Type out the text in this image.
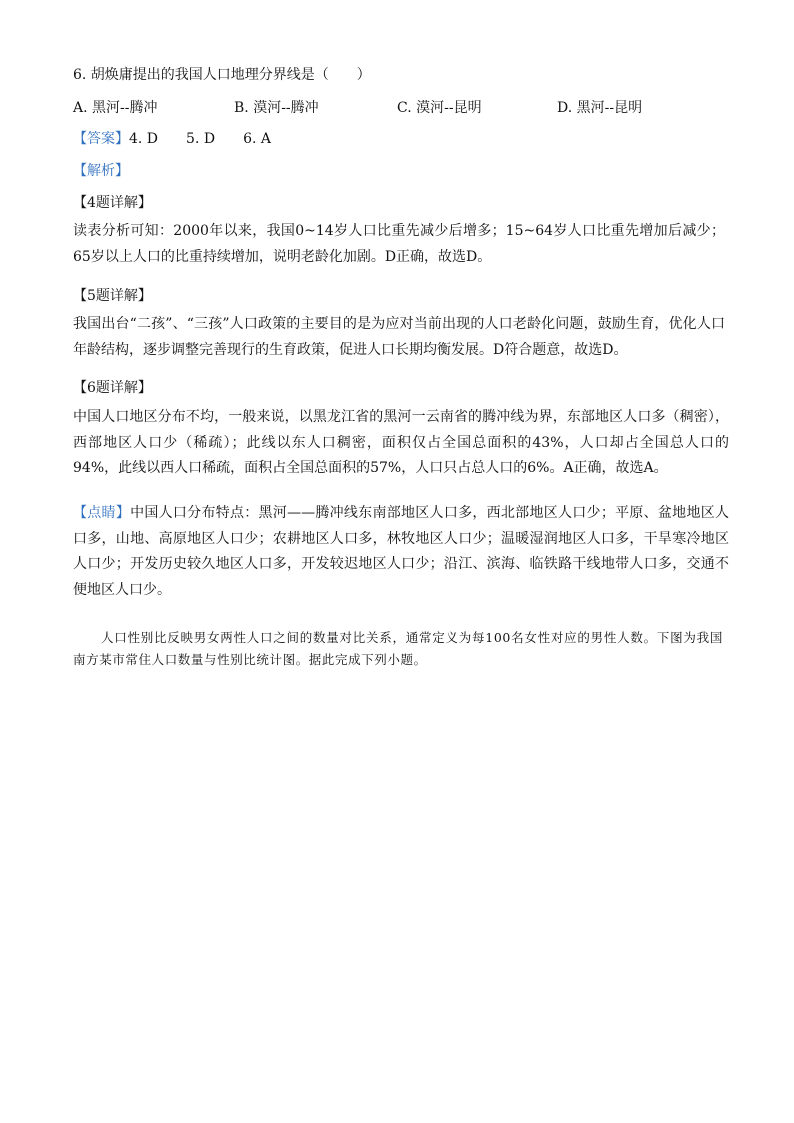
6. 胡焕庸提出的我国人口地理分界线是（　　）
A. 黑河--腾冲	B. 漠河--腾冲	C. 漠河--昆明	D. 黑河--昆明
【答案】4. D 5. D 6. A
【解析】
【4题详解】
读表分析可知：2000年以来，我国0~14岁人口比重先减少后增多；15~64岁人口比重先增加后减少；65岁以上人口的比重持续增加，说明老龄化加剧。D正确，故选D。
【5题详解】
我国出台“二孩”、“三孩”人口政策的主要目的是为应对当前出现的人口老龄化问题，鼓励生育，优化人口年龄结构，逐步调整完善现行的生育政策，促进人口长期均衡发展。D符合题意，故选D。
【6题详解】
中国人口地区分布不均，一般来说，以黑龙江省的黑河一云南省的腾冲线为界，东部地区人口多（稠密），西部地区人口少（稀疏）；此线以东人口稠密，面积仅占全国总面积的43%，人口却占全国总人口的94%，此线以西人口稀疏，面积占全国总面积的57%，人口只占总人口的6%。A正确，故选A。
【点睛】中国人口分布特点：黑河——腾冲线东南部地区人口多，西北部地区人口少；平原、盆地地区人口多，山地、高原地区人口少；农耕地区人口多，林牧地区人口少；温暖湿润地区人口多，干旱寒冷地区人口少；开发历史较久地区人口多，开发较迟地区人口少；沿江、滨海、临铁路干线地带人口多，交通不便地区人口少。
人口性别比反映男女两性人口之间的数量对比关系，通常定义为每100名女性对应的男性人数。下图为我国南方某市常住人口数量与性别比统计图。据此完成下列小题。
